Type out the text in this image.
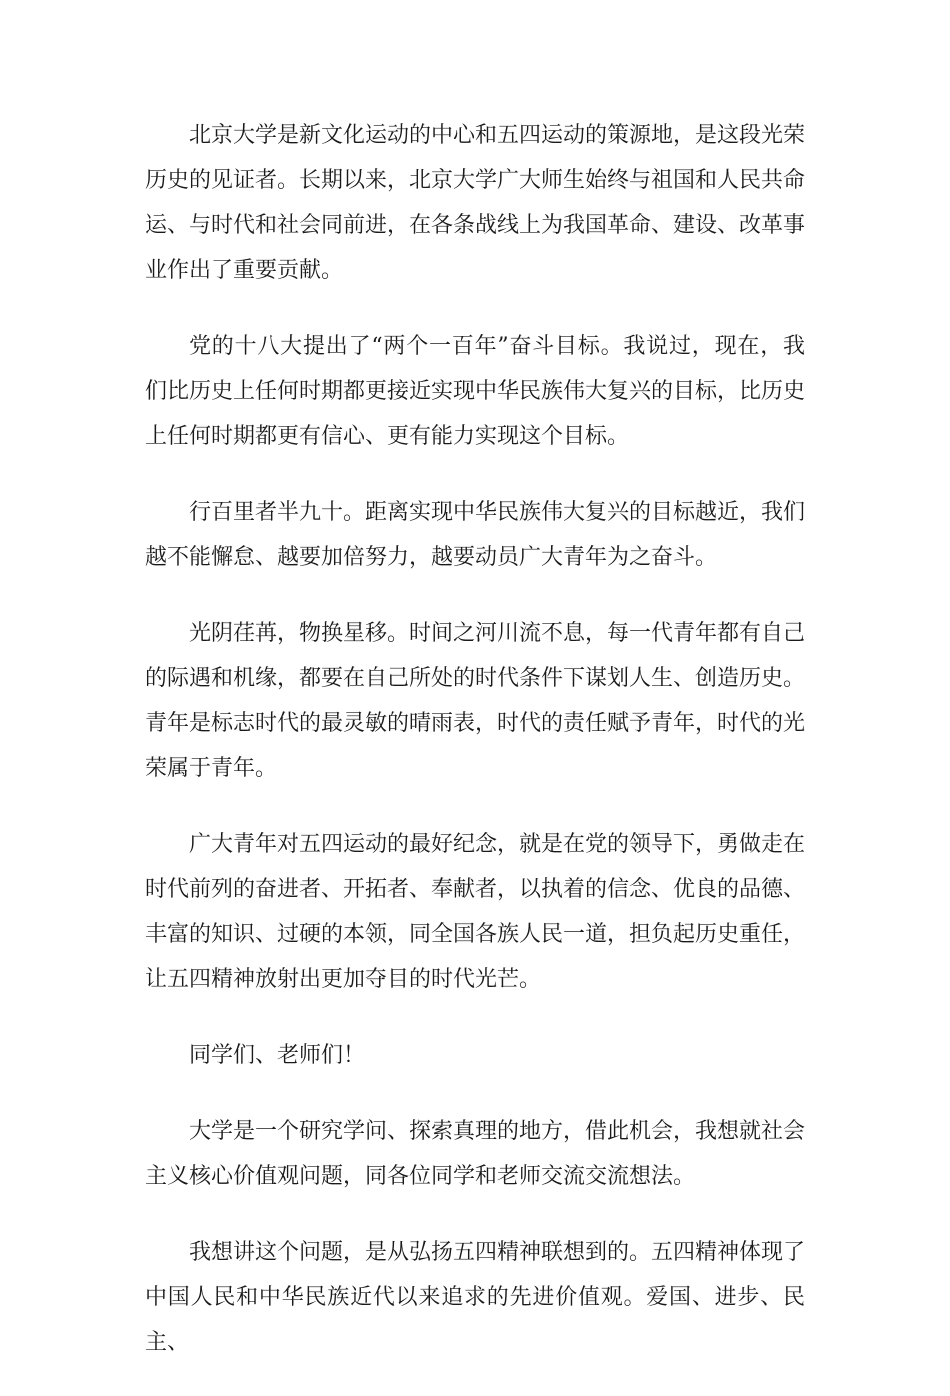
北京大学是新文化运动的中心和五四运动的策源地，是这段光荣历史的见证者。长期以来，北京大学广大师生始终与祖国和人民共命运、与时代和社会同前进，在各条战线上为我国革命、建设、改革事业作出了重要贡献。

党的十八大提出了“两个一百年”奋斗目标。我说过，现在，我们比历史上任何时期都更接近实现中华民族伟大复兴的目标，比历史上任何时期都更有信心、更有能力实现这个目标。

行百里者半九十。距离实现中华民族伟大复兴的目标越近，我们越不能懈怠、越要加倍努力，越要动员广大青年为之奋斗。

光阴荏苒，物换星移。时间之河川流不息，每一代青年都有自己的际遇和机缘，都要在自己所处的时代条件下谋划人生、创造历史。青年是标志时代的最灵敏的晴雨表，时代的责任赋予青年，时代的光荣属于青年。

广大青年对五四运动的最好纪念，就是在党的领导下，勇做走在时代前列的奋进者、开拓者、奉献者，以执着的信念、优良的品德、丰富的知识、过硬的本领，同全国各族人民一道，担负起历史重任，让五四精神放射出更加夺目的时代光芒。

同学们、老师们！

大学是一个研究学问、探索真理的地方，借此机会，我想就社会主义核心价值观问题，同各位同学和老师交流交流想法。

我想讲这个问题，是从弘扬五四精神联想到的。五四精神体现了中国人民和中华民族近代以来追求的先进价值观。爱国、进步、民主、
